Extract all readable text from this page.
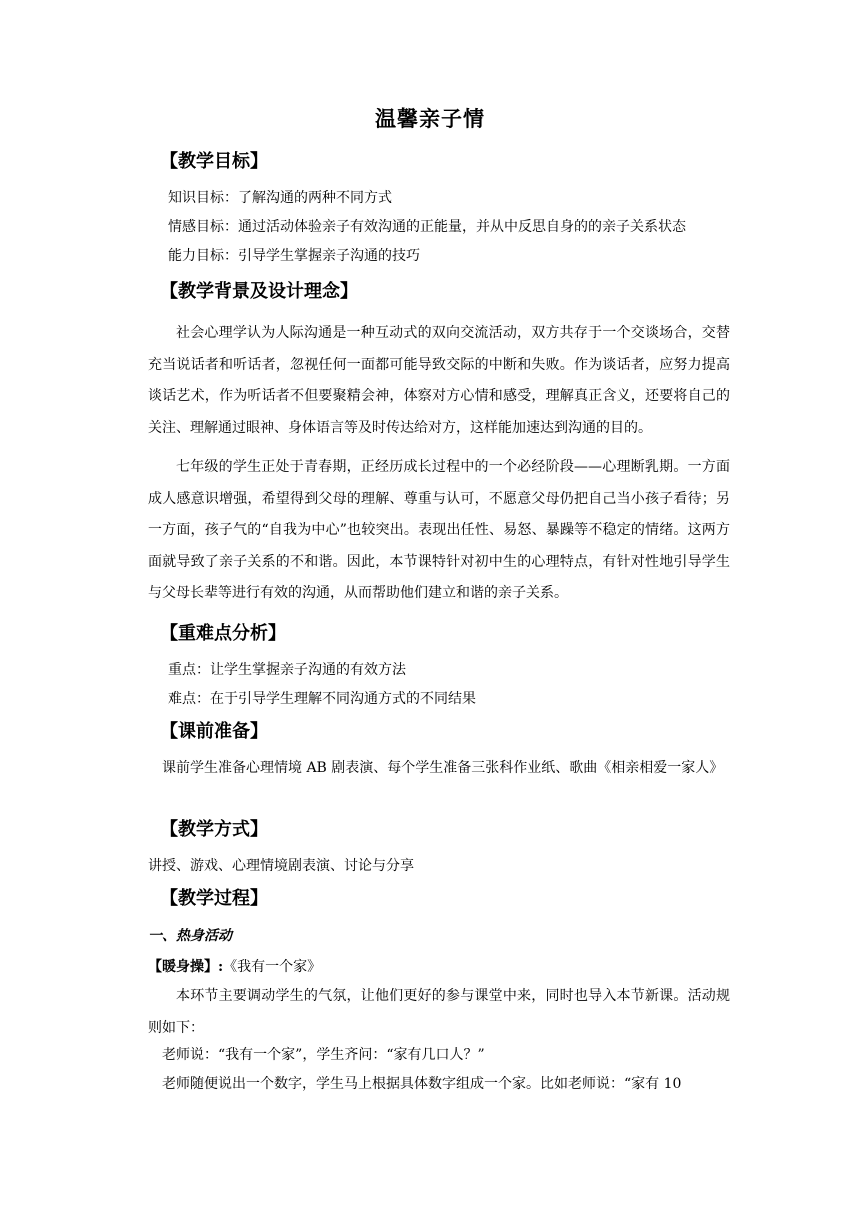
温馨亲子情
【教学目标】
知识目标：了解沟通的两种不同方式
情感目标：通过活动体验亲子有效沟通的正能量，并从中反思自身的的亲子关系状态
能力目标：引导学生掌握亲子沟通的技巧
【教学背景及设计理念】
社会心理学认为人际沟通是一种互动式的双向交流活动，双方共存于一个交谈场合，交替充当说话者和听话者，忽视任何一面都可能导致交际的中断和失败。作为谈话者，应努力提高谈话艺术，作为听话者不但要聚精会神，体察对方心情和感受，理解真正含义，还要将自己的关注、理解通过眼神、身体语言等及时传达给对方，这样能加速达到沟通的目的。
七年级的学生正处于青春期，正经历成长过程中的一个必经阶段——心理断乳期。一方面成人感意识增强，希望得到父母的理解、尊重与认可，不愿意父母仍把自己当小孩子看待；另一方面，孩子气的“自我为中心”也较突出。表现出任性、易怒、暴躁等不稳定的情绪。这两方面就导致了亲子关系的不和谐。因此，本节课特针对初中生的心理特点，有针对性地引导学生与父母长辈等进行有效的沟通，从而帮助他们建立和谐的亲子关系。
【重难点分析】
重点：让学生掌握亲子沟通的有效方法
难点：在于引导学生理解不同沟通方式的不同结果
【课前准备】
课前学生准备心理情境 AB 剧表演、每个学生准备三张科作业纸、歌曲《相亲相爱一家人》
【教学方式】
讲授、游戏、心理情境剧表演、讨论与分享
【教学过程】
一、热身活动
【暖身操】:《我有一个家》
本环节主要调动学生的气氛，让他们更好的参与课堂中来，同时也导入本节新课。活动规则如下：
老师说：“我有一个家”，学生齐问：“家有几口人？”
老师随便说出一个数字，学生马上根据具体数字组成一个家。比如老师说：“家有 10
